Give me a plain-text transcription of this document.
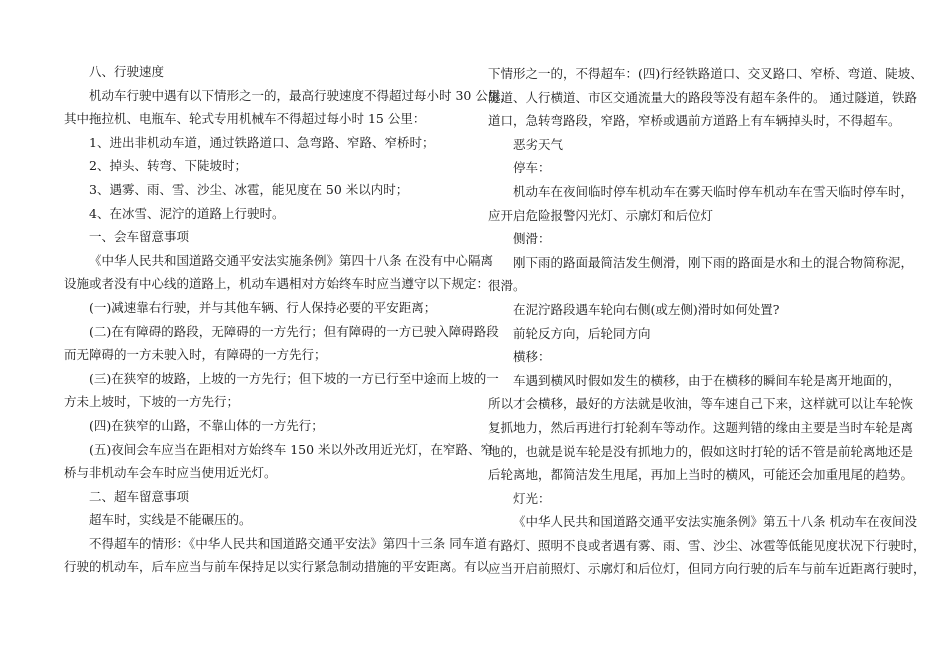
八、行驶速度
机动车行驶中遇有以下情形之一的，最高行驶速度不得超过每小时 30 公里，
其中拖拉机、电瓶车、轮式专用机械车不得超过每小时 15 公里：
1、进出非机动车道，通过铁路道口、急弯路、窄路、窄桥时；
2、掉头、转弯、下陡坡时；
3、遇雾、雨、雪、沙尘、冰雹，能见度在 50 米以内时；
4、在冰雪、泥泞的道路上行驶时。
一、会车留意事项
《中华人民共和国道路交通平安法实施条例》第四十八条 在没有中心隔离
设施或者没有中心线的道路上，机动车遇相对方始终车时应当遵守以下规定：
(一)减速靠右行驶，并与其他车辆、行人保持必要的平安距离；
(二)在有障碍的路段，无障碍的一方先行；但有障碍的一方已驶入障碍路段
而无障碍的一方未驶入时，有障碍的一方先行；
(三)在狭窄的坡路，上坡的一方先行；但下坡的一方已行至中途而上坡的一
方未上坡时，下坡的一方先行；
(四)在狭窄的山路，不靠山体的一方先行；
(五)夜间会车应当在距相对方始终车 150 米以外改用近光灯，在窄路、窄
桥与非机动车会车时应当使用近光灯。
二、超车留意事项
超车时，实线是不能碾压的。
不得超车的情形：《中华人民共和国道路交通平安法》第四十三条 同车道
行驶的机动车，后车应当与前车保持足以实行紧急制动措施的平安距离。有以
下情形之一的，不得超车：(四)行经铁路道口、交叉路口、窄桥、弯道、陡坡、
隧道、人行横道、市区交通流量大的路段等没有超车条件的。 通过隧道，铁路
道口，急转弯路段，窄路，窄桥或遇前方道路上有车辆掉头时，不得超车。
恶劣天气
停车：
机动车在夜间临时停车机动车在雾天临时停车机动车在雪天临时停车时，
应开启危险报警闪光灯、示廓灯和后位灯
侧滑：
刚下雨的路面最简洁发生侧滑，刚下雨的路面是水和土的混合物简称泥，
很滑。
在泥泞路段遇车轮向右侧(或左侧)滑时如何处置?
前轮反方向，后轮同方向
横移：
车遇到横风时假如发生的横移，由于在横移的瞬间车轮是离开地面的，
所以才会横移，最好的方法就是收油，等车速自己下来，这样就可以让车轮恢
复抓地力，然后再进行打轮刹车等动作。这题判错的缘由主要是当时车轮是离
地的，也就是说车轮是没有抓地力的，假如这时打轮的话不管是前轮离地还是
后轮离地，都简洁发生甩尾，再加上当时的横风，可能还会加重甩尾的趋势。
灯光：
《中华人民共和国道路交通平安法实施条例》第五十八条 机动车在夜间没
有路灯、照明不良或者遇有雾、雨、雪、沙尘、冰雹等低能见度状况下行驶时，
应当开启前照灯、示廓灯和后位灯，但同方向行驶的后车与前车近距离行驶时，
